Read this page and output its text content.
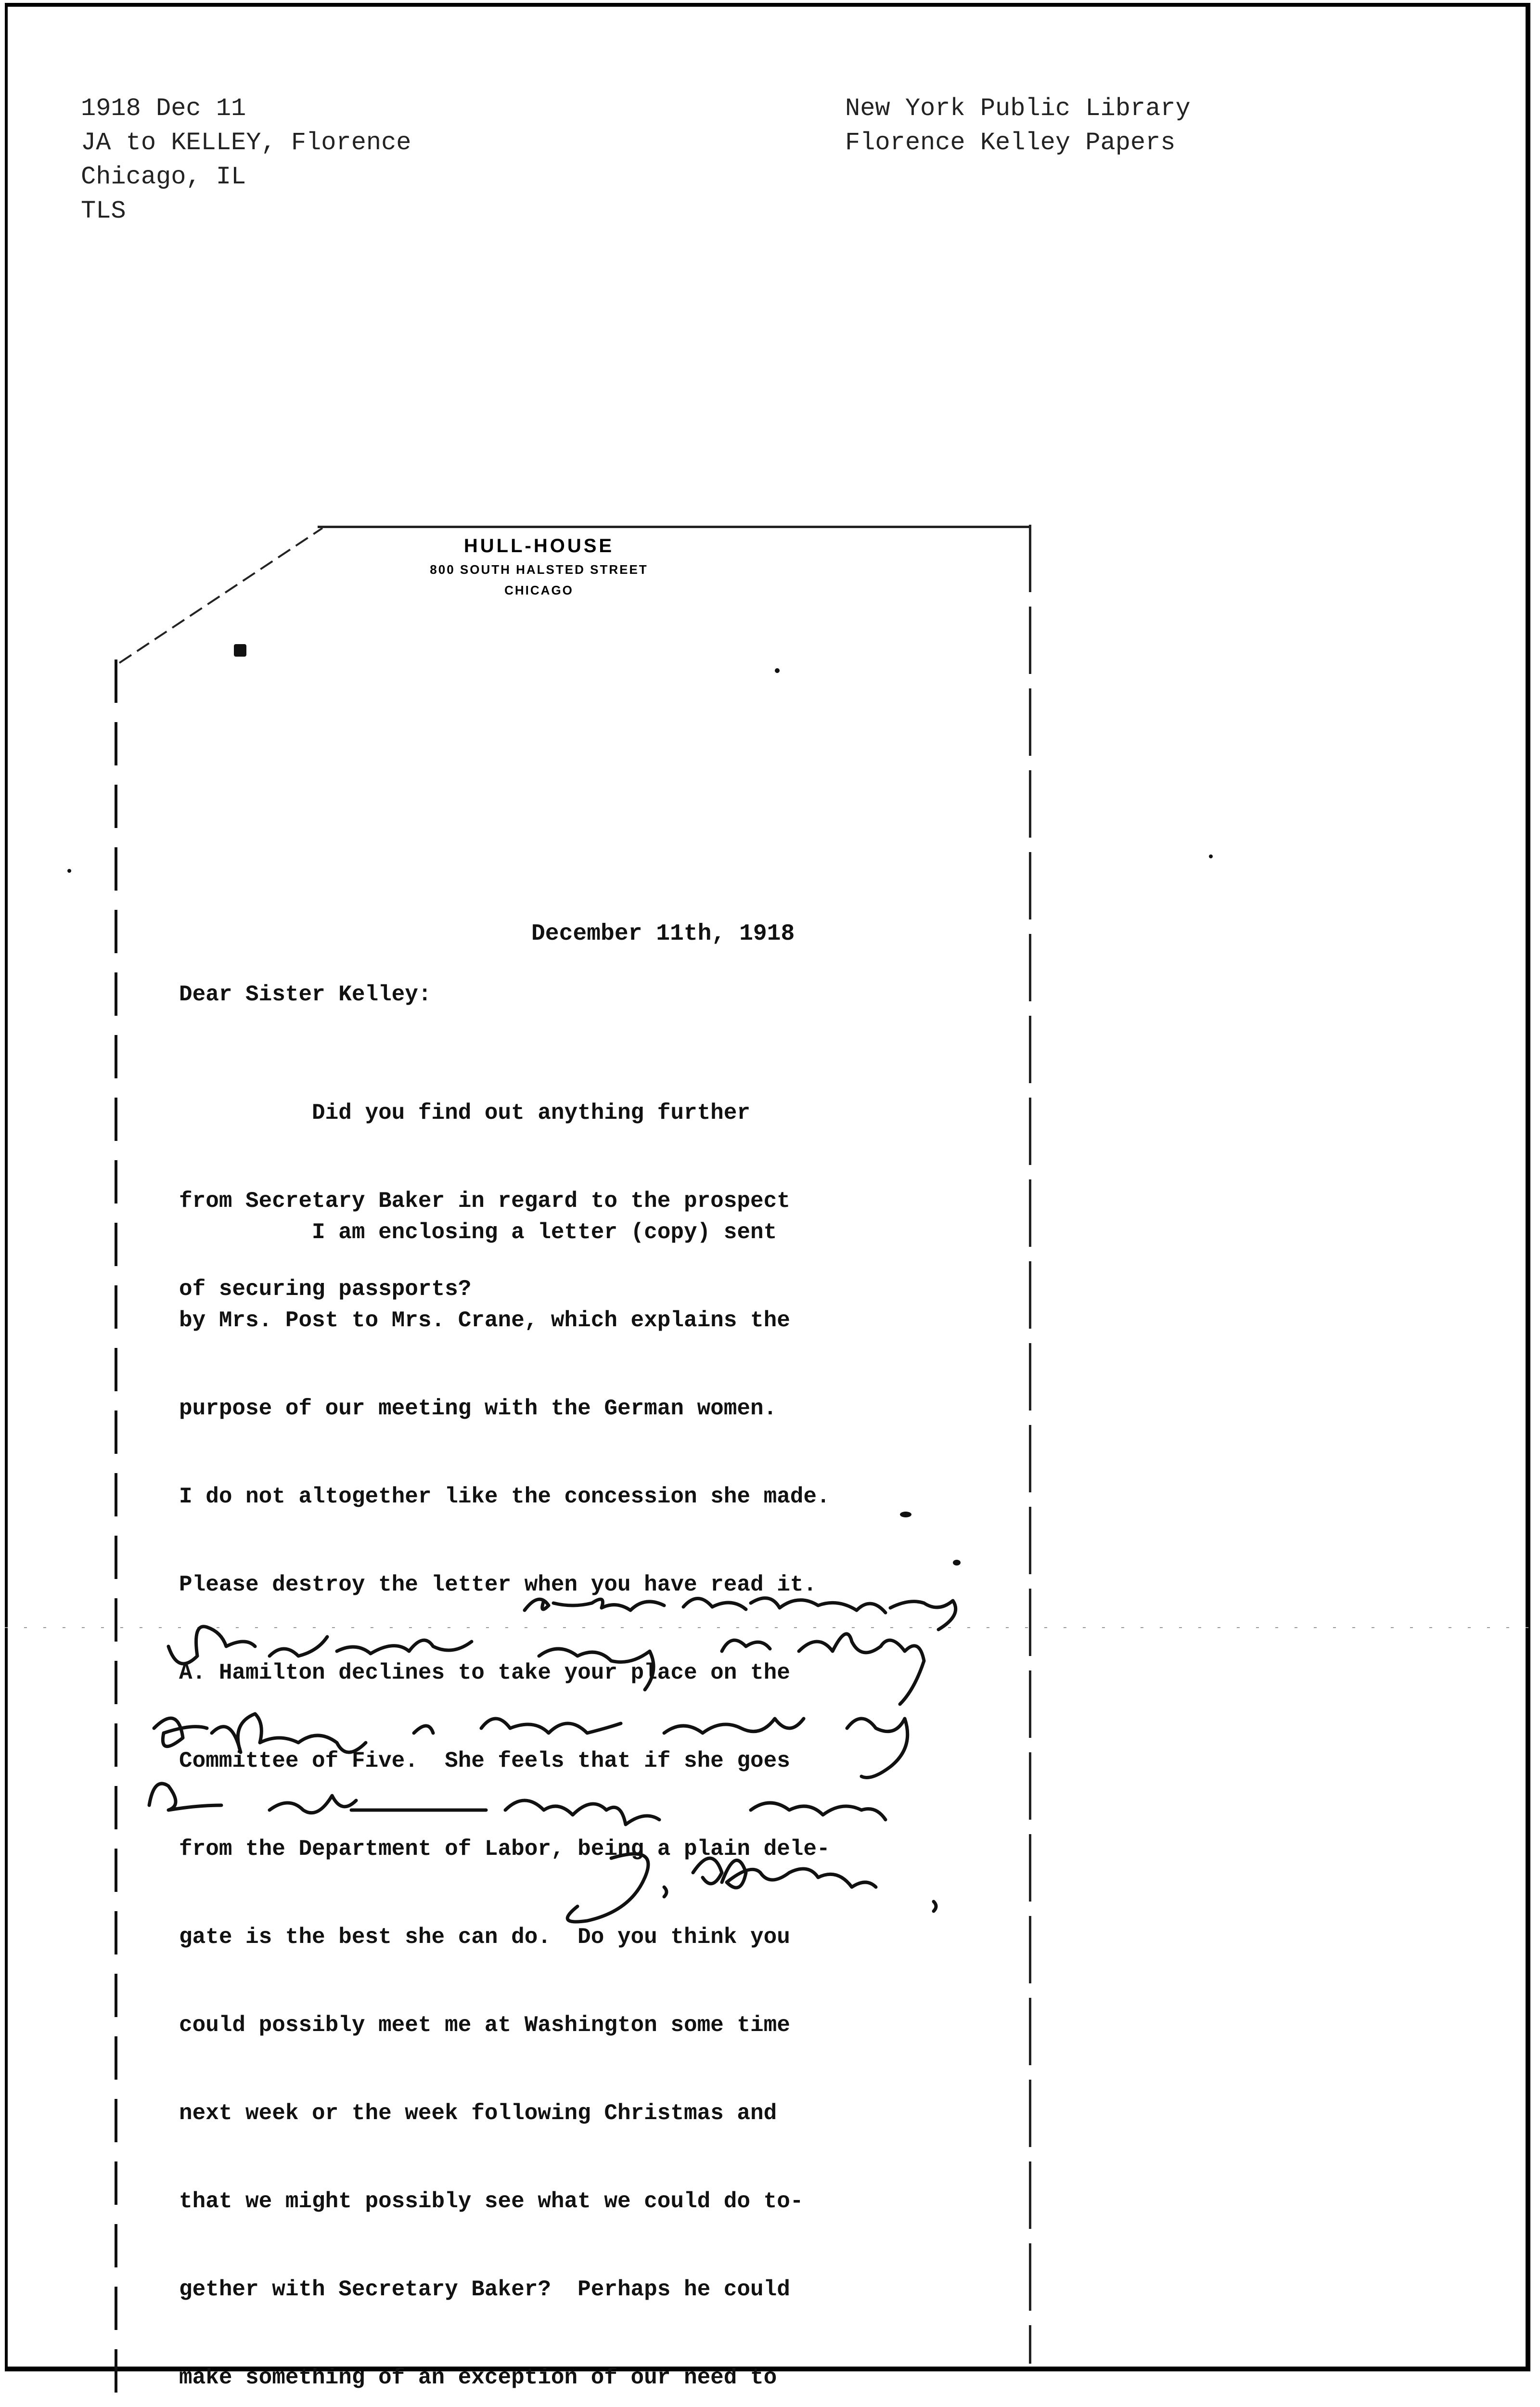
1918 Dec 11
JA to KELLEY, Florence
Chicago, IL
TLS
New York Public Library
Florence Kelley Papers
HULL-HOUSE
800 SOUTH HALSTED STREET
CHICAGO
December 11th, 1918
Dear Sister Kelley:

Did you find out anything further

from Secretary Baker in regard to the prospect

of securing passports?

I am enclosing a letter (copy) sent

by Mrs. Post to Mrs. Crane, which explains the

purpose of our meeting with the German women.

I do not altogether like the concession she made.

Please destroy the letter when you have read it.

A. Hamilton declines to take your place on the

Committee of Five.  She feels that if she goes

from the Department of Labor, being a plain dele-

gate is the best she can do.  Do you think you

could possibly meet me at Washington some time

next week or the week following Christmas and

that we might possibly see what we could do to-

gether with Secretary Baker?  Perhaps he could

make something of an exception of our need to
